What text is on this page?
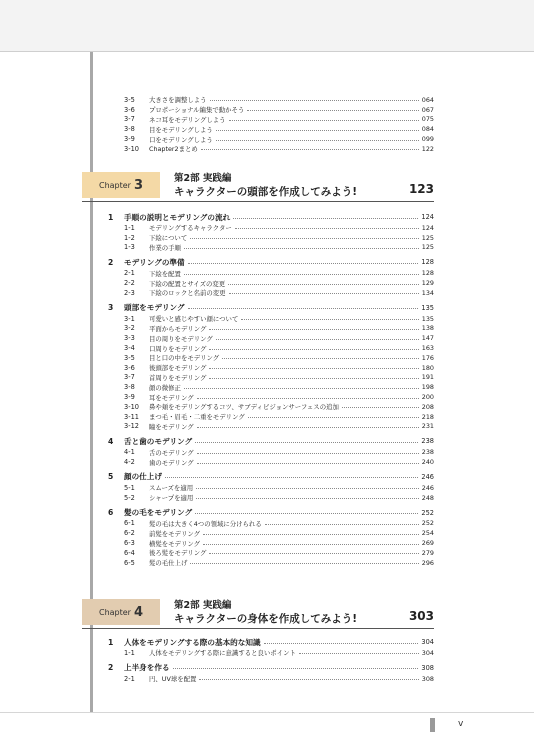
3-5	大きさを調整しよう	064
3-6	プロポーショナル編集で動かそう	067
3-7	ネコ耳をモデリングしよう	075
3-8	目をモデリングしよう	084
3-9	口をモデリングしよう	099
3-10	Chapter2まとめ	122
Chapter 3	第2部 実践編
キャラクターの頭部を作成してみよう!	123
1	手順の説明とモデリングの流れ	124
1-1	モデリングするキャラクター	124
1-2	下絵について	125
1-3	作業の手順	125
2	モデリングの準備	128
2-1	下絵を配置	128
2-2	下絵の配置とサイズの変更	129
2-3	下絵のロックと名前の変更	134
3	頭部をモデリング	135
3-1	可愛いと感じやすい顔について	135
3-2	平面からモデリング	138
3-3	目の周りをモデリング	147
3-4	口周りをモデリング	163
3-5	目と口の中をモデリング	176
3-6	後頭部をモデリング	180
3-7	首周りをモデリング	191
3-8	顔の微修正	198
3-9	耳をモデリング	200
3-10	鼻や頬をモデリングするコツ、サブディビジョンサーフェスの追加	208
3-11	まつ毛・眉毛・二重をモデリング	218
3-12	瞳をモデリング	231
4	舌と歯のモデリング	238
4-1	舌のモデリング	238
4-2	歯のモデリング	240
5	顔の仕上げ	246
5-1	スムーズを適用	246
5-2	シャープを適用	248
6	髪の毛をモデリング	252
6-1	髪の毛は大きく4つの領域に分けられる	252
6-2	前髪をモデリング	254
6-3	横髪をモデリング	269
6-4	後ろ髪をモデリング	279
6-5	髪の毛仕上げ	296
Chapter 4	第2部 実践編
キャラクターの身体を作成してみよう!	303
1	人体をモデリングする際の基本的な知識	304
1-1	人体をモデリングする際に意識すると良いポイント	304
2	上半身を作る	308
2-1	円、UV球を配置	308
v
